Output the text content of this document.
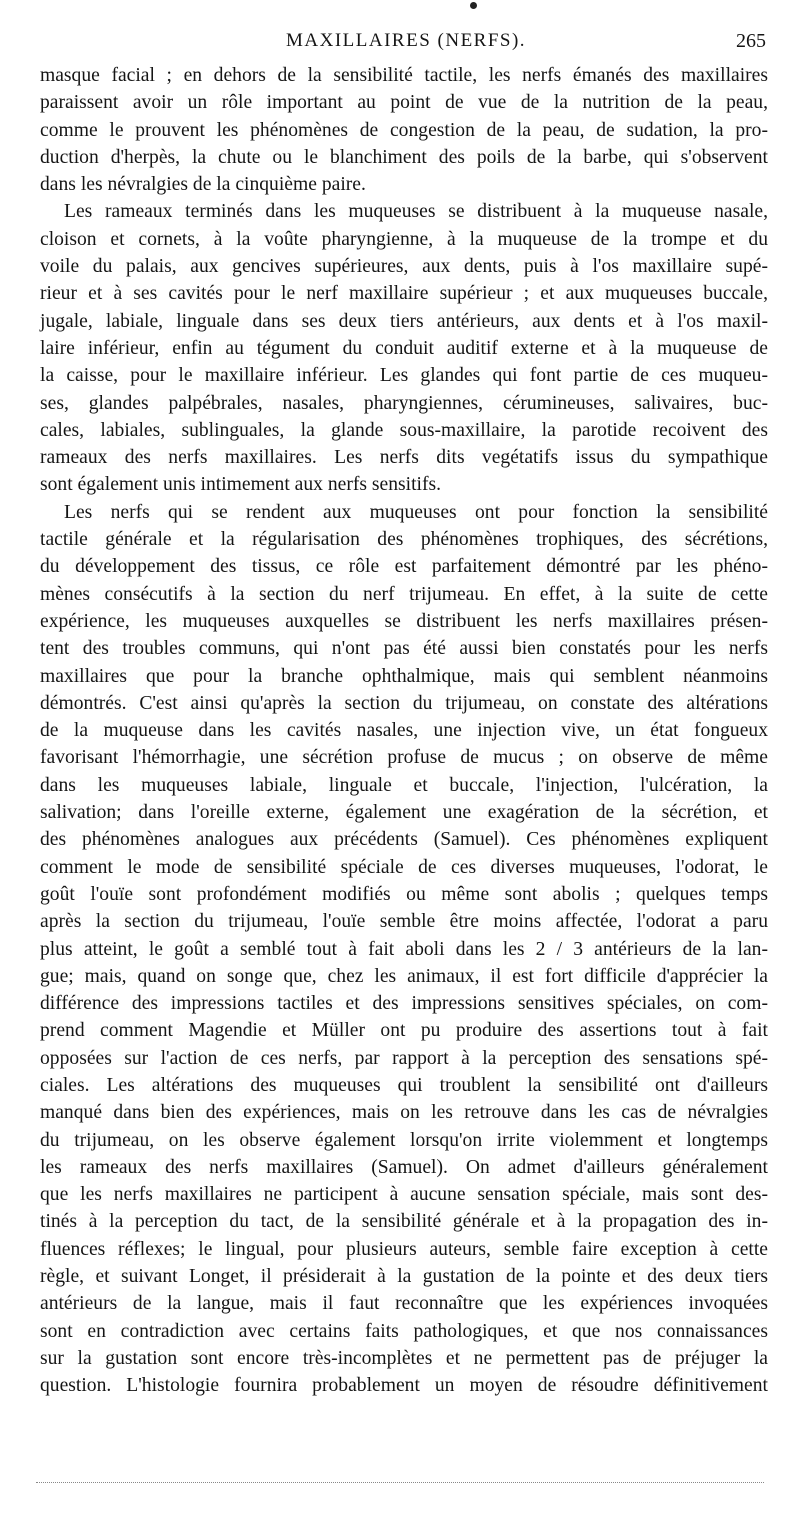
MAXILLAIRES (NERFS).	265
masque facial ; en dehors de la sensibilité tactile, les nerfs émanés des maxillaires
paraissent avoir un rôle important au point de vue de la nutrition de la peau,
comme le prouvent les phénomènes de congestion de la peau, de sudation, la pro-
duction d'herpès, la chute ou le blanchiment des poils de la barbe, qui s'observent
dans les névralgies de la cinquième paire.
Les rameaux terminés dans les muqueuses se distribuent à la muqueuse nasale,
cloison et cornets, à la voûte pharyngienne, à la muqueuse de la trompe et du
voile du palais, aux gencives supérieures, aux dents, puis à l'os maxillaire supé-
rieur et à ses cavités pour le nerf maxillaire supérieur ; et aux muqueuses buccale,
jugale, labiale, linguale dans ses deux tiers antérieurs, aux dents et à l'os maxil-
laire inférieur, enfin au tégument du conduit auditif externe et à la muqueuse de
la caisse, pour le maxillaire inférieur. Les glandes qui font partie de ces muqueu-
ses, glandes palpébrales, nasales, pharyngiennes, cérumineuses, salivaires, buc-
cales, labiales, sublinguales, la glande sous-maxillaire, la parotide recoivent des
rameaux des nerfs maxillaires. Les nerfs dits vegétatifs issus du sympathique
sont également unis intimement aux nerfs sensitifs.
Les nerfs qui se rendent aux muqueuses ont pour fonction la sensibilité
tactile générale et la régularisation des phénomènes trophiques, des sécrétions,
du développement des tissus, ce rôle est parfaitement démontré par les phéno-
mènes consécutifs à la section du nerf trijumeau. En effet, à la suite de cette
expérience, les muqueuses auxquelles se distribuent les nerfs maxillaires présen-
tent des troubles communs, qui n'ont pas été aussi bien constatés pour les nerfs
maxillaires que pour la branche ophthalmique, mais qui semblent néanmoins
démontrés. C'est ainsi qu'après la section du trijumeau, on constate des altérations
de la muqueuse dans les cavités nasales, une injection vive, un état fongueux
favorisant l'hémorrhagie, une sécrétion profuse de mucus ; on observe de même
dans les muqueuses labiale, linguale et buccale, l'injection, l'ulcération, la
salivation; dans l'oreille externe, également une exagération de la sécrétion, et
des phénomènes analogues aux précédents (Samuel). Ces phénomènes expliquent
comment le mode de sensibilité spéciale de ces diverses muqueuses, l'odorat, le
goût l'ouïe sont profondément modifiés ou même sont abolis ; quelques temps
après la section du trijumeau, l'ouïe semble être moins affectée, l'odorat a paru
plus atteint, le goût a semblé tout à fait aboli dans les 2 / 3 antérieurs de la lan-
gue; mais, quand on songe que, chez les animaux, il est fort difficile d'apprécier la
différence des impressions tactiles et des impressions sensitives spéciales, on com-
prend comment Magendie et Müller ont pu produire des assertions tout à fait
opposées sur l'action de ces nerfs, par rapport à la perception des sensations spé-
ciales. Les altérations des muqueuses qui troublent la sensibilité ont d'ailleurs
manqué dans bien des expériences, mais on les retrouve dans les cas de névralgies
du trijumeau, on les observe également lorsqu'on irrite violemment et longtemps
les rameaux des nerfs maxillaires (Samuel). On admet d'ailleurs généralement
que les nerfs maxillaires ne participent à aucune sensation spéciale, mais sont des-
tinés à la perception du tact, de la sensibilité générale et à la propagation des in-
fluences réflexes; le lingual, pour plusieurs auteurs, semble faire exception à cette
règle, et suivant Longet, il présiderait à la gustation de la pointe et des deux tiers
antérieurs de la langue, mais il faut reconnaître que les expériences invoquées
sont en contradiction avec certains faits pathologiques, et que nos connaissances
sur la gustation sont encore très-incomplètes et ne permettent pas de préjuger la
question. L'histologie fournira probablement un moyen de résoudre définitivement
